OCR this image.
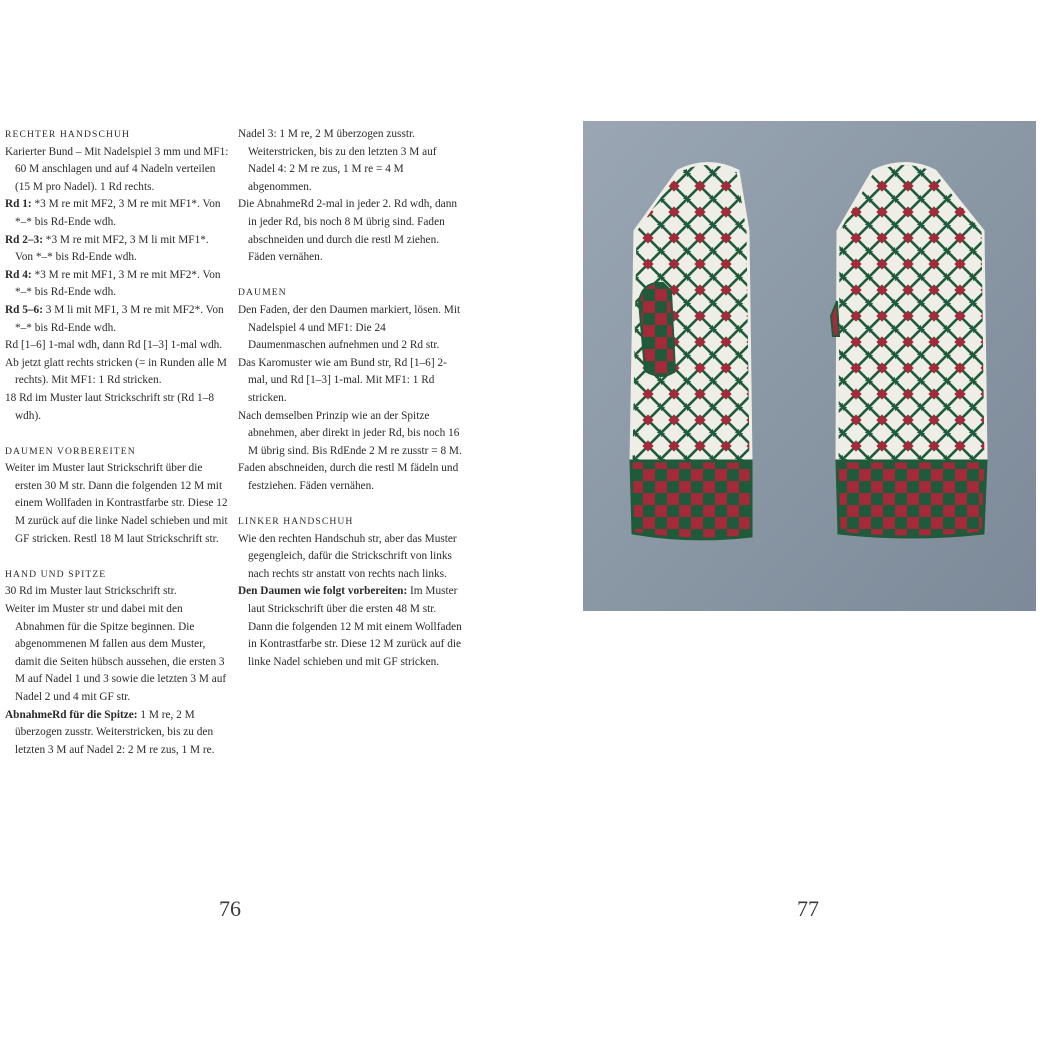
RECHTER HANDSCHUH

Karierter Bund – Mit Nadelspiel 3 mm und MF1: 60 M anschlagen und auf 4 Nadeln verteilen (15 M pro Nadel). 1 Rd rechts.

Rd 1: *3 M re mit MF2, 3 M re mit MF1*. Von *–* bis Rd-Ende wdh.

Rd 2–3: *3 M re mit MF2, 3 M li mit MF1*. Von *–* bis Rd-Ende wdh.

Rd 4: *3 M re mit MF1, 3 M re mit MF2*. Von *–* bis Rd-Ende wdh.

Rd 5–6: 3 M li mit MF1, 3 M re mit MF2*. Von *–* bis Rd-Ende wdh.

Rd [1–6] 1-mal wdh, dann Rd [1–3] 1-mal wdh.

Ab jetzt glatt rechts stricken (= in Runden alle M rechts). Mit MF1: 1 Rd stricken.

18 Rd im Muster laut Strickschrift str (Rd 1–8 wdh).

DAUMEN VORBEREITEN

Weiter im Muster laut Strickschrift über die ersten 30 M str. Dann die folgenden 12 M mit einem Wollfaden in Kontrastfarbe str. Diese 12 M zurück auf die linke Nadel schieben und mit GF stricken. Restl 18 M laut Strickschrift str.

HAND UND SPITZE

30 Rd im Muster laut Strickschrift str.

Weiter im Muster str und dabei mit den Abnahmen für die Spitze beginnen. Die abgenommenen M fallen aus dem Muster, damit die Seiten hübsch aussehen, die ersten 3 M auf Nadel 1 und 3 sowie die letzten 3 M auf Nadel 2 und 4 mit GF str.

AbnahmeRd für die Spitze: 1 M re, 2 M überzogen zusstr. Weiterstricken, bis zu den letzten 3 M auf Nadel 2: 2 M re zus, 1 M re.

Nadel 3: 1 M re, 2 M überzogen zusstr. Weiterstricken, bis zu den letzten 3 M auf Nadel 4: 2 M re zus, 1 M re = 4 M abgenommen.

Die AbnahmeRd 2-mal in jeder 2. Rd wdh, dann in jeder Rd, bis noch 8 M übrig sind. Faden abschneiden und durch die restl M ziehen. Fäden vernähen.

DAUMEN

Den Faden, der den Daumen markiert, lösen. Mit Nadelspiel 4 und MF1: Die 24 Daumenmaschen aufnehmen und 2 Rd str.

Das Karomuster wie am Bund str, Rd [1–6] 2-mal, und Rd [1–3] 1-mal. Mit MF1: 1 Rd stricken.

Nach demselben Prinzip wie an der Spitze abnehmen, aber direkt in jeder Rd, bis noch 16 M übrig sind. Bis RdEnde 2 M re zusstr = 8 M.

Faden abschneiden, durch die restl M fädeln und festziehen. Fäden vernähen.

LINKER HANDSCHUH

Wie den rechten Handschuh str, aber das Muster gegengleich, dafür die Strickschrift von links nach rechts str anstatt von rechts nach links.

Den Daumen wie folgt vorbereiten: Im Muster laut Strickschrift über die ersten 48 M str. Dann die folgenden 12 M mit einem Wollfaden in Kontrastfarbe str. Diese 12 M zurück auf die linke Nadel schieben und mit GF stricken.

76	77
